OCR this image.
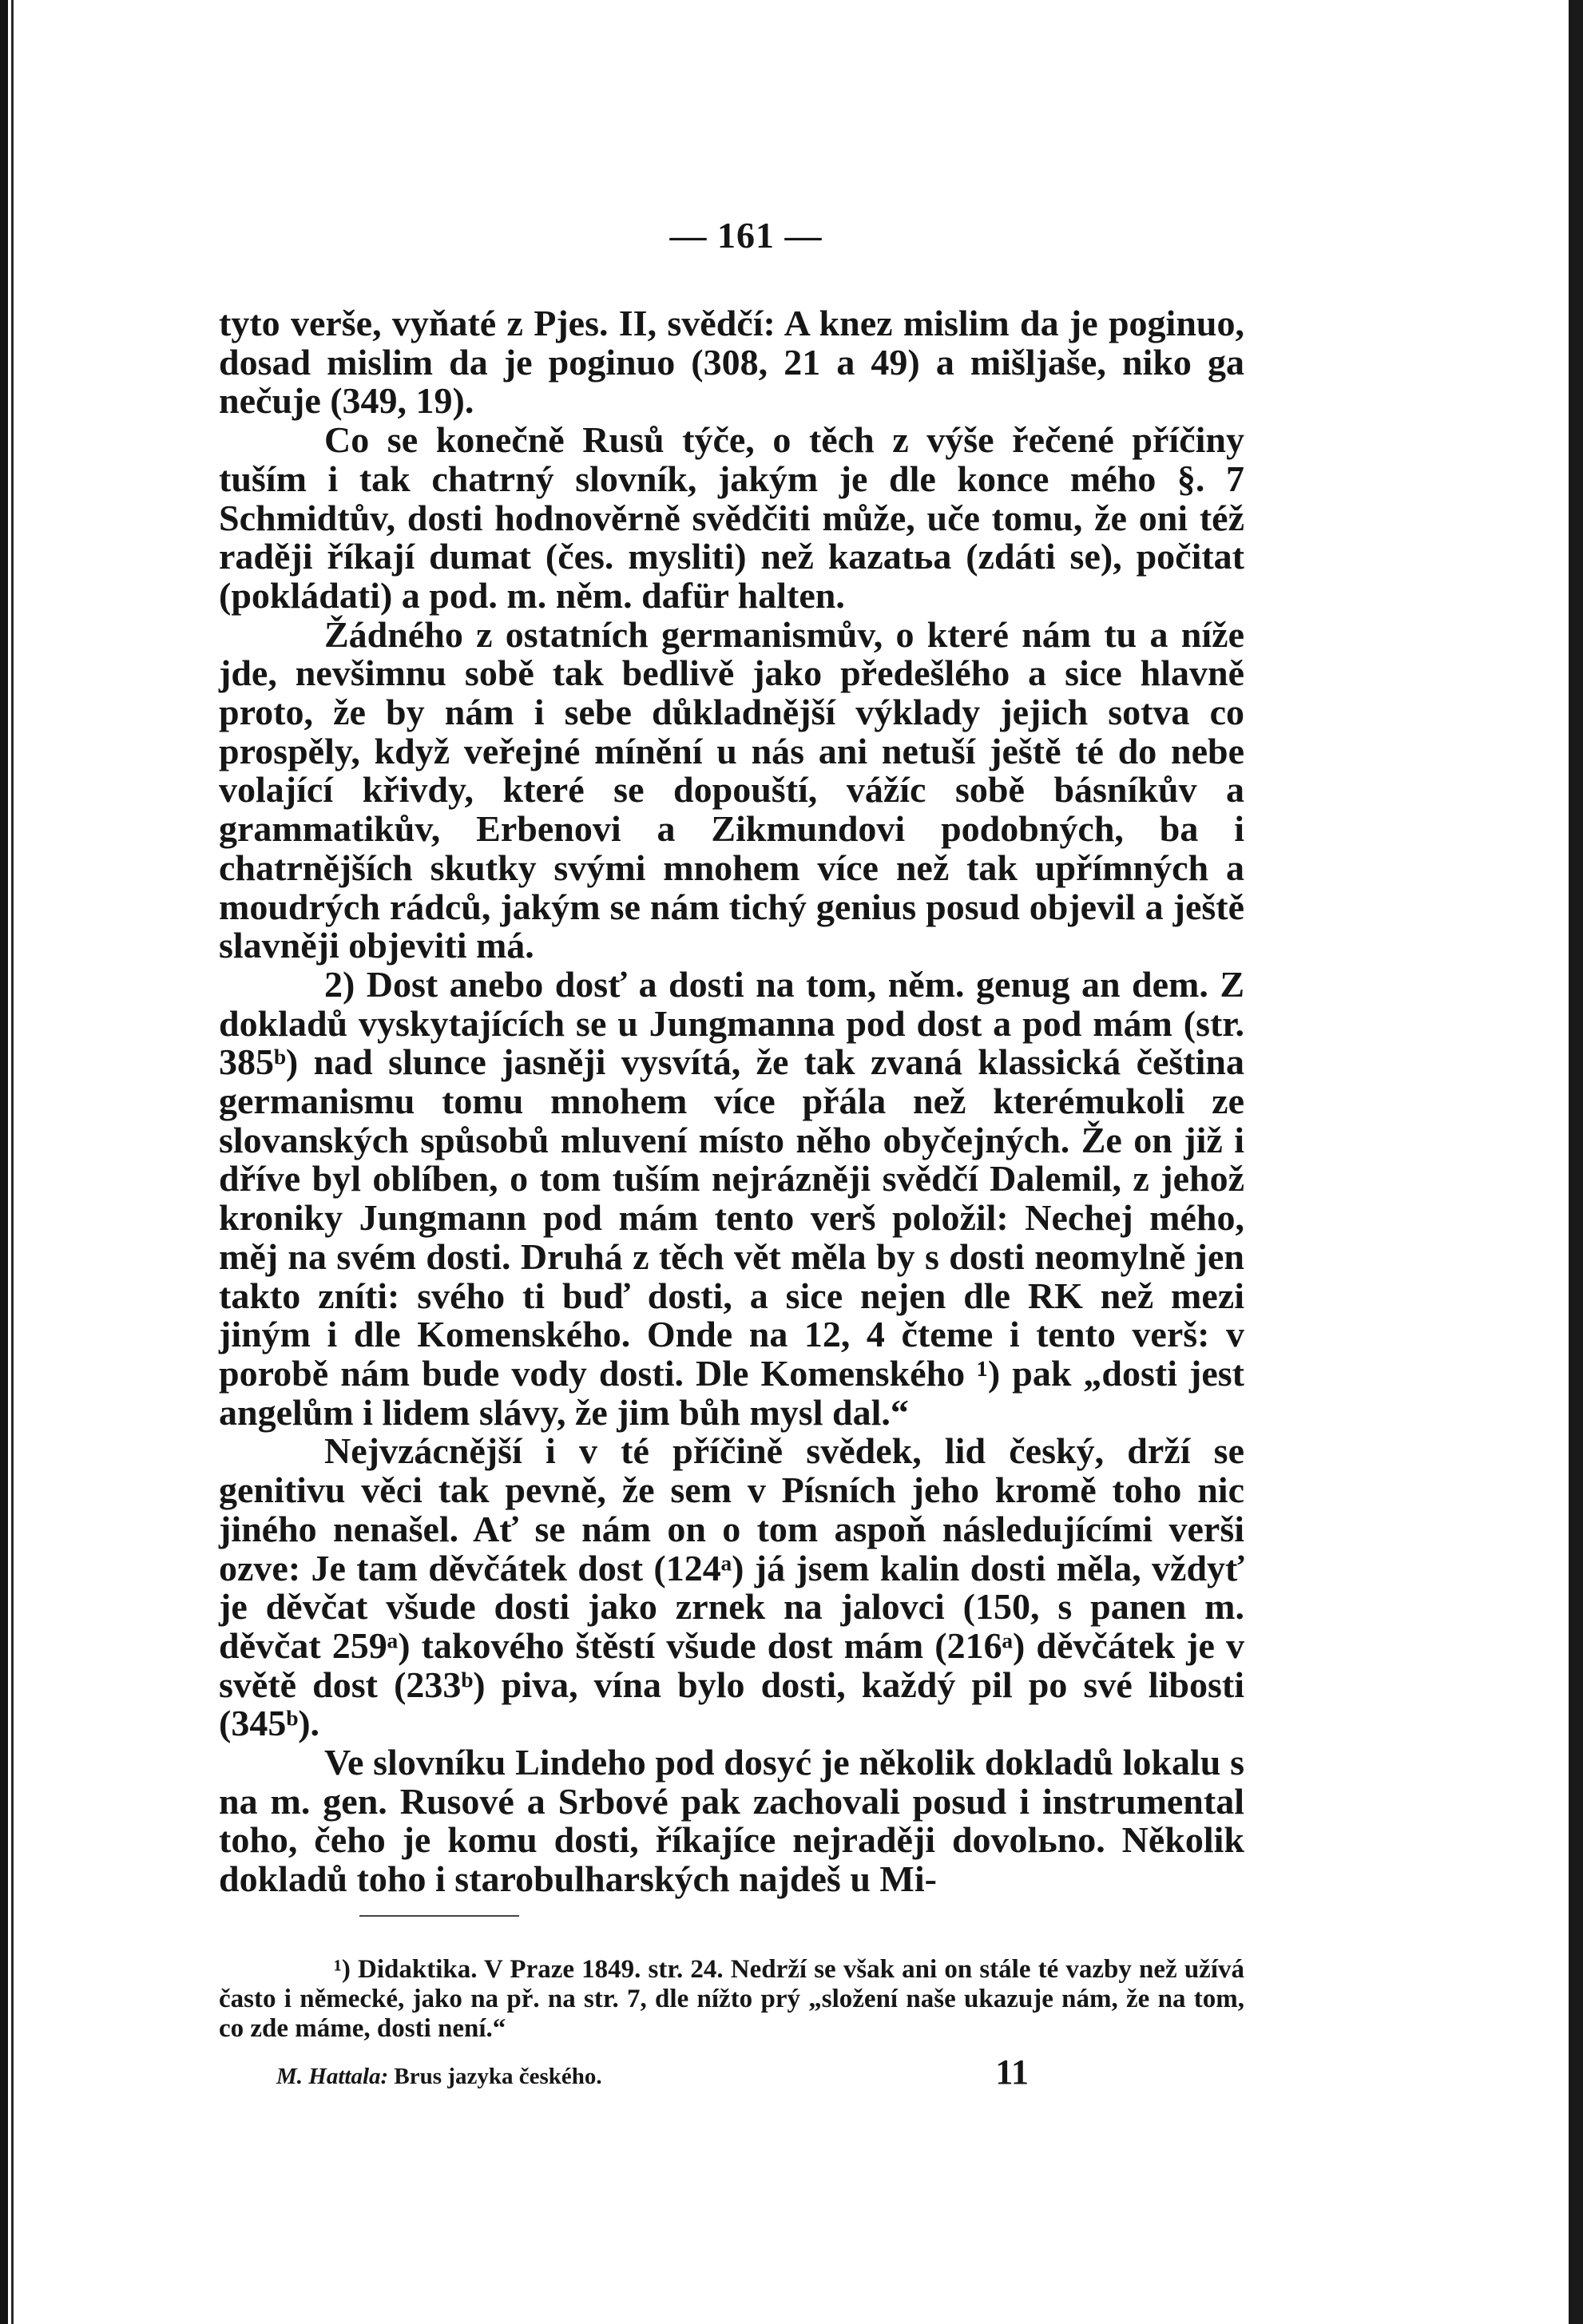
— 161 —

tyto verše, vyňaté z Pjes. II, svědčí: A knez mislim da je poginuo, dosad mislim da je poginuo (308, 21 a 49) a mišljaše, niko ga nečuje (349, 19).

Co se konečně Rusů týče, o těch z výše řečené příčiny tuším i tak chatrný slovník, jakým je dle konce mého §. 7 Schmidtův, dosti hodnověrně svědčiti může, uče tomu, že oni též raději říkají dumat (čes. mysliti) než kazatьa (zdáti se), počitat (pokládati) a pod. m. něm. dafür halten.

Žádného z ostatních germanismův, o které nám tu a níže jde, nevšimnu sobě tak bedlivě jako předešlého a sice hlavně proto, že by nám i sebe důkladnější výklady jejich sotva co prospěly, když veřejné mínění u nás ani netuší ještě té do nebe volající křivdy, které se dopouští, vážíc sobě básníkův a grammatikův, Erbenovi a Zikmundovi podobných, ba i chatrnějších skutky svými mnohem více než tak upřímných a moudrých rádců, jakým se nám tichý genius posud objevil a ještě slavněji objeviti má.

2) Dost anebo dosť a dosti na tom, něm. genug an dem. Z dokladů vyskytajících se u Jungmanna pod dost a pod mám (str. 385ᵇ) nad slunce jasněji vysvítá, že tak zvaná klassická čeština germanismu tomu mnohem více přála než kterémukoli ze slovanských spůsobů mluvení místo něho obyčejných. Že on již i dříve byl oblíben, o tom tuším nejrázněji svědčí Dalemil, z jehož kroniky Jungmann pod mám tento verš položil: Nechej mého, měj na svém dosti. Druhá z těch vět měla by s dosti neomylně jen takto zníti: svého ti buď dosti, a sice nejen dle RK než mezi jiným i dle Komenského. Onde na 12, 4 čteme i tento verš: v porobě nám bude vody dosti. Dle Komenského ¹) pak „dosti jest angelům i lidem slávy, že jim bůh mysl dal.“

Nejvzácnější i v té příčině svědek, lid český, drží se genitivu věci tak pevně, že sem v Písních jeho kromě toho nic jiného nenašel. Ať se nám on o tom aspoň následujícími verši ozve: Je tam děvčátek dost (124ᵃ) já jsem kalin dosti měla, vždyť je děvčat všude dosti jako zrnek na jalovci (150, s panen m. děvčat 259ᵃ) takového štěstí všude dost mám (216ᵃ) děvčátek je v světě dost (233ᵇ) piva, vína bylo dosti, každý pil po své libosti (345ᵇ).

Ve slovníku Lindeho pod dosyć je několik dokladů lokalu s na m. gen. Rusové a Srbové pak zachovali posud i instrumental toho, čeho je komu dosti, říkajíce nejraději dovolьno. Několik dokladů toho i starobulharských najdeš u Mi-

¹) Didaktika. V Praze 1849. str. 24. Nedrží se však ani on stále té vazby než užívá často i německé, jako na př. na str. 7, dle nížto prý „složení naše ukazuje nám, že na tom, co zde máme, dosti není.“

M. Hattala: Brus jazyka českého.	11
